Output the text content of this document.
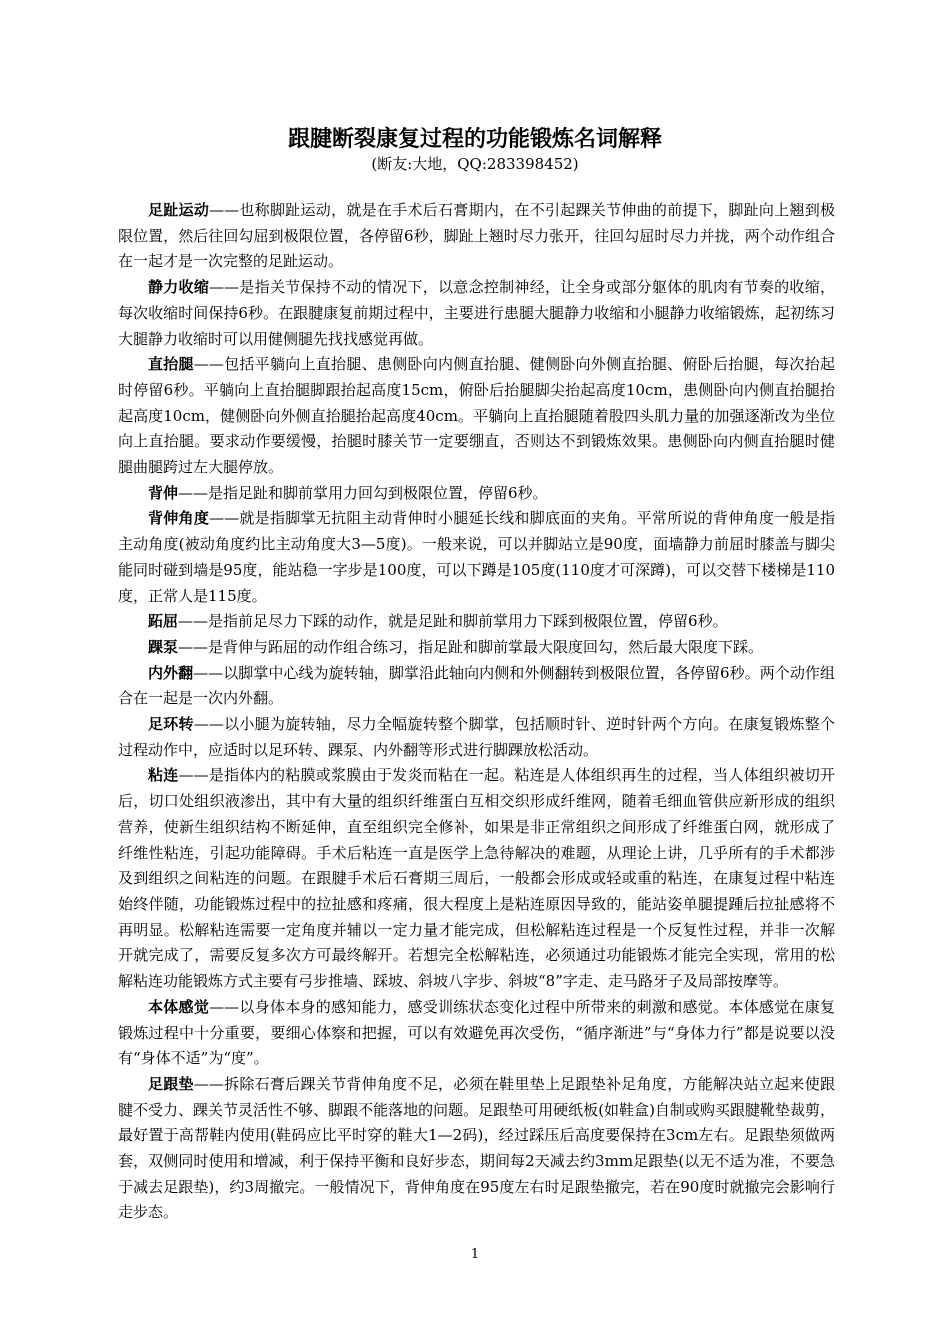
跟腱断裂康复过程的功能锻炼名词解释
(断友:大地，QQ:283398452)

足趾运动——也称脚趾运动，就是在手术后石膏期内，在不引起踝关节伸曲的前提下，脚趾向上翘到极限位置，然后往回勾屈到极限位置，各停留6秒，脚趾上翘时尽力张开，往回勾屈时尽力并拢，两个动作组合在一起才是一次完整的足趾运动。

静力收缩——是指关节保持不动的情况下，以意念控制神经，让全身或部分躯体的肌肉有节奏的收缩，每次收缩时间保持6秒。在跟腱康复前期过程中，主要进行患腿大腿静力收缩和小腿静力收缩锻炼，起初练习大腿静力收缩时可以用健侧腿先找找感觉再做。

直抬腿——包括平躺向上直抬腿、患侧卧向内侧直抬腿、健侧卧向外侧直抬腿、俯卧后抬腿，每次抬起时停留6秒。平躺向上直抬腿脚跟抬起高度15cm，俯卧后抬腿脚尖抬起高度10cm，患侧卧向内侧直抬腿抬起高度10cm，健侧卧向外侧直抬腿抬起高度40cm。平躺向上直抬腿随着股四头肌力量的加强逐渐改为坐位向上直抬腿。要求动作要缓慢，抬腿时膝关节一定要绷直，否则达不到锻炼效果。患侧卧向内侧直抬腿时健腿曲腿跨过左大腿停放。

背伸——是指足趾和脚前掌用力回勾到极限位置，停留6秒。

背伸角度——就是指脚掌无抗阻主动背伸时小腿延长线和脚底面的夹角。平常所说的背伸角度一般是指主动角度(被动角度约比主动角度大3—5度)。一般来说，可以并脚站立是90度，面墙静力前屈时膝盖与脚尖能同时碰到墙是95度，能站稳一字步是100度，可以下蹲是105度(110度才可深蹲)，可以交替下楼梯是110度，正常人是115度。

跖屈——是指前足尽力下踩的动作，就是足趾和脚前掌用力下踩到极限位置，停留6秒。

踝泵——是背伸与跖屈的动作组合练习，指足趾和脚前掌最大限度回勾，然后最大限度下踩。

内外翻——以脚掌中心线为旋转轴，脚掌沿此轴向内侧和外侧翻转到极限位置，各停留6秒。两个动作组合在一起是一次内外翻。

足环转——以小腿为旋转轴，尽力全幅旋转整个脚掌，包括顺时针、逆时针两个方向。在康复锻炼整个过程动作中，应适时以足环转、踝泵、内外翻等形式进行脚踝放松活动。

粘连——是指体内的粘膜或浆膜由于发炎而粘在一起。粘连是人体组织再生的过程，当人体组织被切开后，切口处组织液渗出，其中有大量的组织纤维蛋白互相交织形成纤维网，随着毛细血管供应新形成的组织营养，使新生组织结构不断延伸，直至组织完全修补，如果是非正常组织之间形成了纤维蛋白网，就形成了纤维性粘连，引起功能障碍。手术后粘连一直是医学上急待解决的难题，从理论上讲，几乎所有的手术都涉及到组织之间粘连的问题。在跟腱手术后石膏期三周后，一般都会形成或轻或重的粘连，在康复过程中粘连始终伴随，功能锻炼过程中的拉扯感和疼痛，很大程度上是粘连原因导致的，能站姿单腿提踵后拉扯感将不再明显。松解粘连需要一定角度并辅以一定力量才能完成，但松解粘连过程是一个反复性过程，并非一次解开就完成了，需要反复多次方可最终解开。若想完全松解粘连，必须通过功能锻炼才能完全实现，常用的松解粘连功能锻炼方式主要有弓步推墙、踩坡、斜坡八字步、斜坡“8”字走、走马路牙子及局部按摩等。

本体感觉——以身体本身的感知能力，感受训练状态变化过程中所带来的刺激和感觉。本体感觉在康复锻炼过程中十分重要，要细心体察和把握，可以有效避免再次受伤，“循序渐进”与“身体力行”都是说要以没有“身体不适”为“度”。

足跟垫——拆除石膏后踝关节背伸角度不足，必须在鞋里垫上足跟垫补足角度，方能解决站立起来使跟腱不受力、踝关节灵活性不够、脚跟不能落地的问题。足跟垫可用硬纸板(如鞋盒)自制或购买跟腱靴垫裁剪，最好置于高帮鞋内使用(鞋码应比平时穿的鞋大1—2码)，经过踩压后高度要保持在3cm左右。足跟垫须做两套，双侧同时使用和增减，利于保持平衡和良好步态，期间每2天减去约3mm足跟垫(以无不适为准，不要急于减去足跟垫)，约3周撤完。一般情况下，背伸角度在95度左右时足跟垫撤完，若在90度时就撤完会影响行走步态。

1
